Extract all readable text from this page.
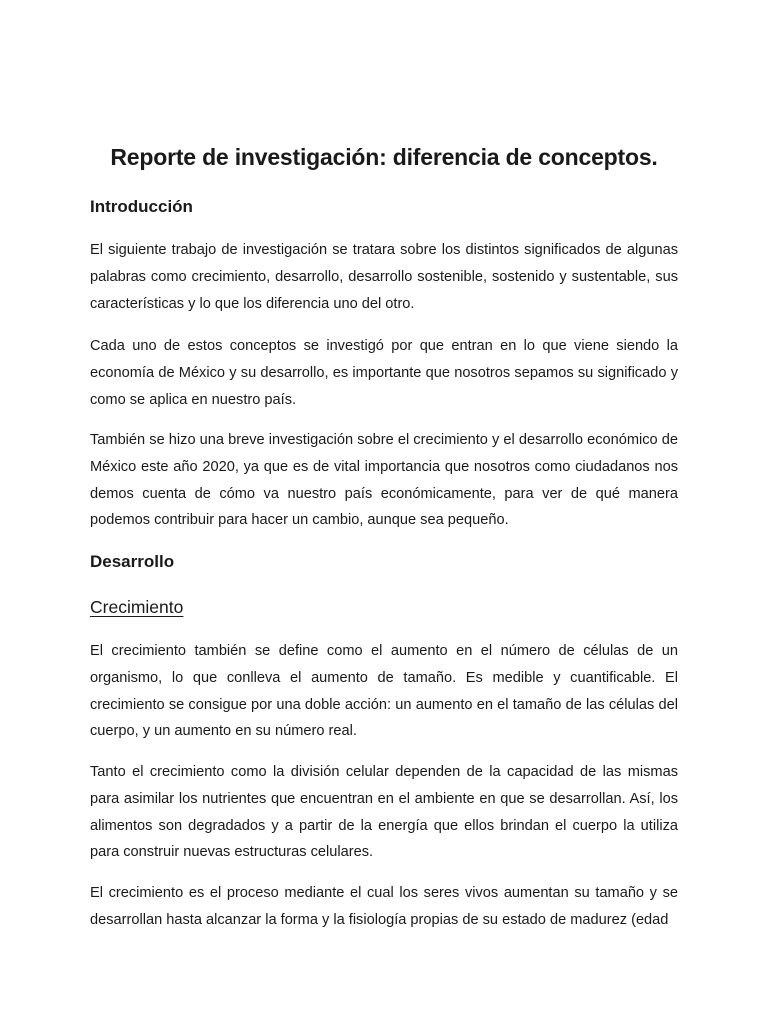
Reporte de investigación: diferencia de conceptos.
Introducción

El siguiente trabajo de investigación se tratara sobre los distintos significados de algunas palabras como crecimiento, desarrollo, desarrollo sostenible, sostenido y sustentable, sus características y lo que los diferencia uno del otro.

Cada uno de estos conceptos se investigó por que entran en lo que viene siendo la economía de México y su desarrollo, es importante que nosotros sepamos su significado y como se aplica en nuestro país.

También se hizo una breve investigación sobre el crecimiento y el desarrollo económico de México este año 2020, ya que es de vital importancia que nosotros como ciudadanos nos demos cuenta de cómo va nuestro país económicamente, para ver de qué manera podemos contribuir para hacer un cambio, aunque sea pequeño.

Desarrollo
Crecimiento

El crecimiento también se define como el aumento en el número de células de un organismo, lo que conlleva el aumento de tamaño. Es medible y cuantificable. El crecimiento se consigue por una doble acción: un aumento en el tamaño de las células del cuerpo, y un aumento en su número real.

Tanto el crecimiento como la división celular dependen de la capacidad de las mismas para asimilar los nutrientes que encuentran en el ambiente en que se desarrollan. Así, los alimentos son degradados y a partir de la energía que ellos brindan el cuerpo la utiliza para construir nuevas estructuras celulares.

El crecimiento es el proceso mediante el cual los seres vivos aumentan su tamaño y se desarrollan hasta alcanzar la forma y la fisiología propias de su estado de madurez (edad
